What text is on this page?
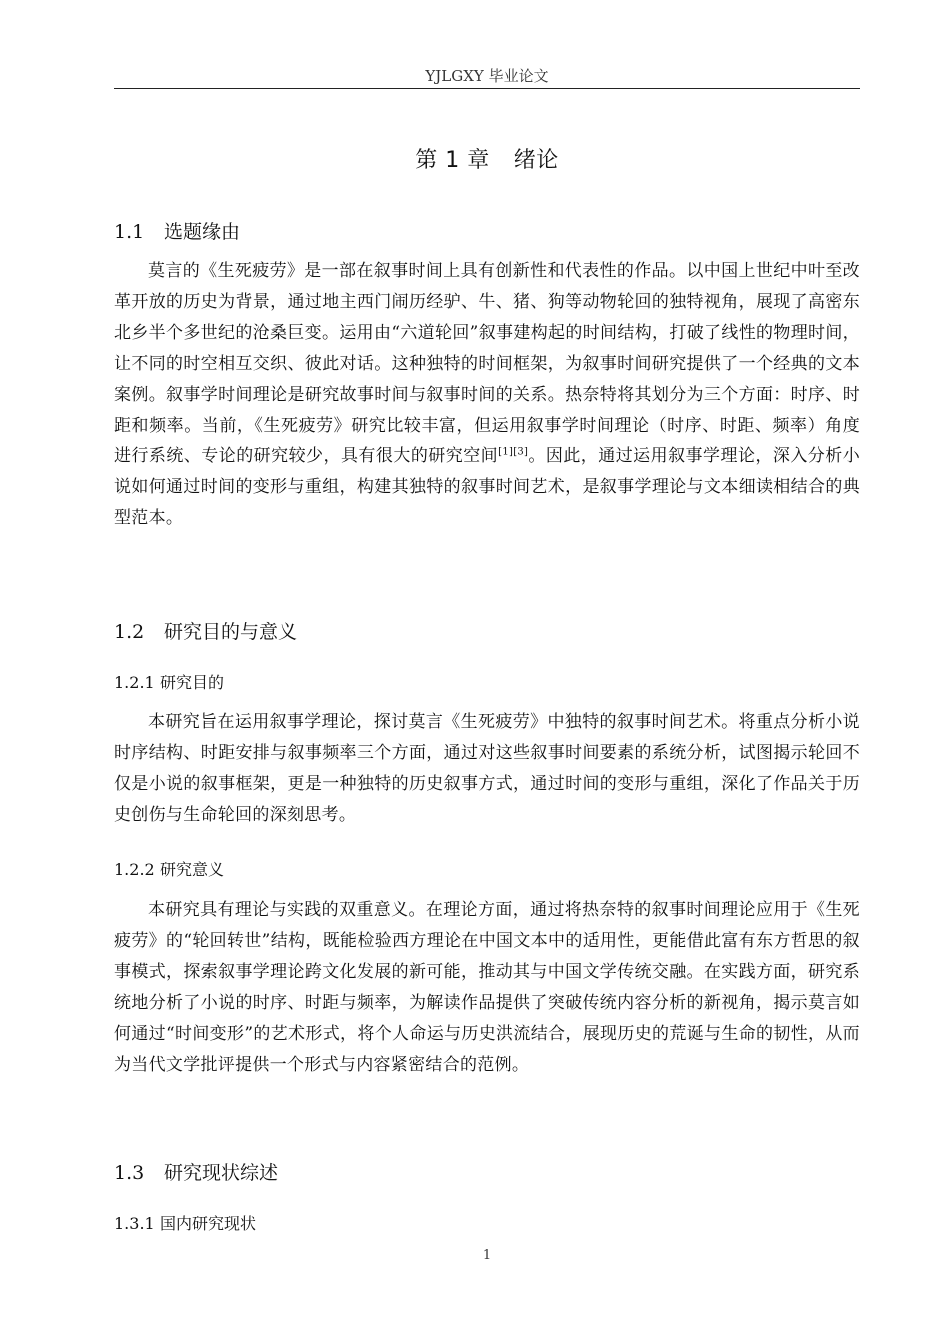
YJLGXY 毕业论文
第 1 章 绪论
1.1 选题缘由
莫言的《生死疲劳》是一部在叙事时间上具有创新性和代表性的作品。以中国上世纪中叶至改革开放的历史为背景，通过地主西门闹历经驴、牛、猪、狗等动物轮回的独特视角，展现了高密东北乡半个多世纪的沧桑巨变。运用由“六道轮回”叙事建构起的时间结构，打破了线性的物理时间，让不同的时空相互交织、彼此对话。这种独特的时间框架，为叙事时间研究提供了一个经典的文本案例。叙事学时间理论是研究故事时间与叙事时间的关系。热奈特将其划分为三个方面：时序、时距和频率。当前，《生死疲劳》研究比较丰富，但运用叙事学时间理论（时序、时距、频率）角度进行系统、专论的研究较少，具有很大的研究空间[1][3]。因此，通过运用叙事学理论，深入分析小说如何通过时间的变形与重组，构建其独特的叙事时间艺术，是叙事学理论与文本细读相结合的典型范本。
1.2 研究目的与意义
1.2.1 研究目的
本研究旨在运用叙事学理论，探讨莫言《生死疲劳》中独特的叙事时间艺术。将重点分析小说时序结构、时距安排与叙事频率三个方面，通过对这些叙事时间要素的系统分析，试图揭示轮回不仅是小说的叙事框架，更是一种独特的历史叙事方式，通过时间的变形与重组，深化了作品关于历史创伤与生命轮回的深刻思考。
1.2.2 研究意义
本研究具有理论与实践的双重意义。在理论方面，通过将热奈特的叙事时间理论应用于《生死疲劳》的“轮回转世”结构，既能检验西方理论在中国文本中的适用性，更能借此富有东方哲思的叙事模式，探索叙事学理论跨文化发展的新可能，推动其与中国文学传统交融。在实践方面，研究系统地分析了小说的时序、时距与频率，为解读作品提供了突破传统内容分析的新视角，揭示莫言如何通过“时间变形”的艺术形式，将个人命运与历史洪流结合，展现历史的荒诞与生命的韧性，从而为当代文学批评提供一个形式与内容紧密结合的范例。
1.3 研究现状综述
1.3.1 国内研究现状
1
